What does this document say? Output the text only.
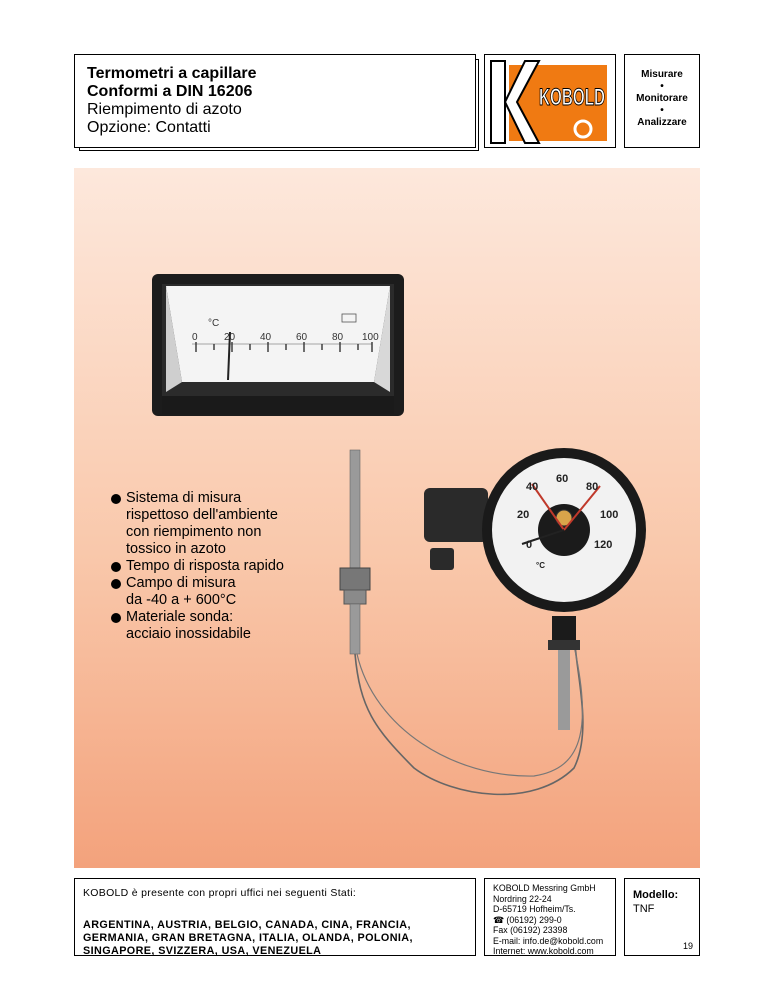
Termometri a capillare
Conformi a DIN 16206
Riempimento di azoto
Opzione: Contatti
KOBOLD
Misurare
•
Monitorare
•
Analizzare
°C
0	20 40 60 80 100
60
20	100
0	120
40	80
°C
Sistema di misura
rispettoso dell'ambiente
con riempimento non
tossico in azoto
Tempo di risposta rapido
Campo di misura
da -40 a + 600°C
Materiale sonda:
acciaio inossidabile
KOBOLD è presente con propri uffici nei seguenti Stati:
ARGENTINA, AUSTRIA, BELGIO, CANADA, CINA, FRANCIA,
GERMANIA, GRAN BRETAGNA, ITALIA, OLANDA, POLONIA,
SINGAPORE, SVIZZERA, USA, VENEZUELA
KOBOLD Messring GmbH
Nordring 22-24
D-65719 Hofheim/Ts.
☎ (06192) 299-0
Fax (06192) 23398
E-mail: info.de@kobold.com
Internet: www.kobold.com
Modello:
TNF
19
